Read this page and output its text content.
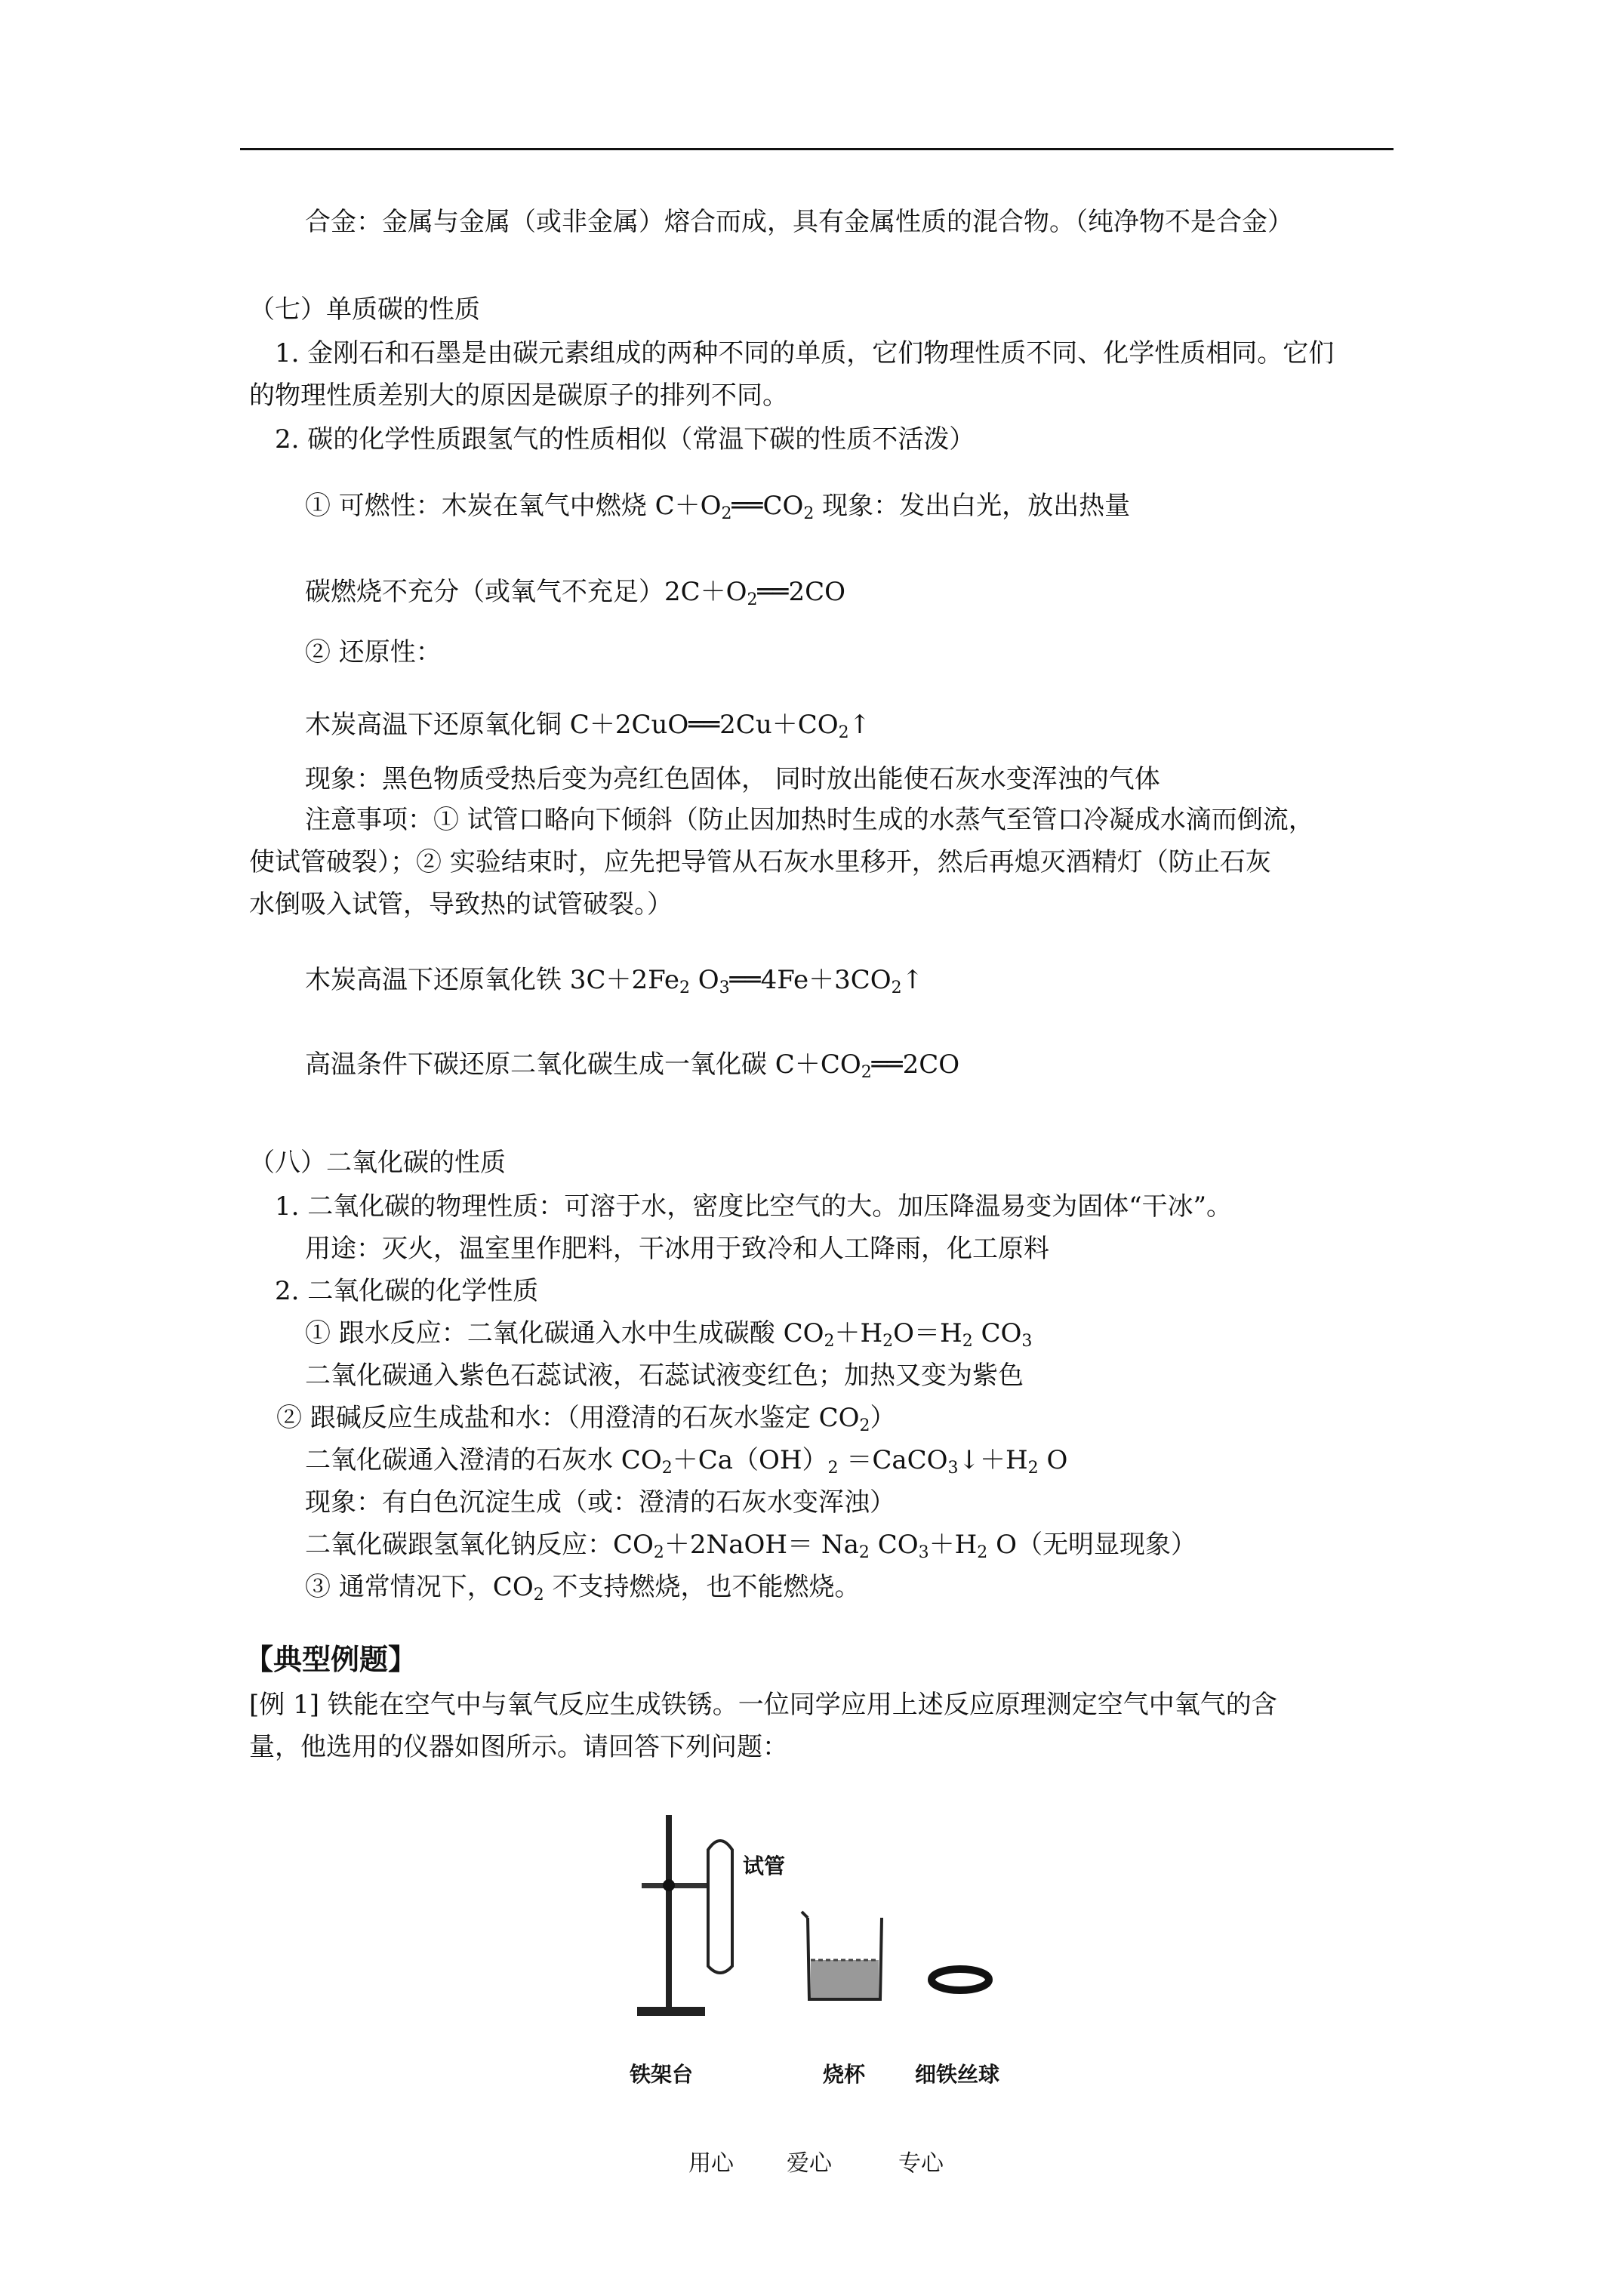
合金：金属与金属（或非金属）熔合而成，具有金属性质的混合物。（纯净物不是合金）
（七）单质碳的性质
1. 金刚石和石墨是由碳元素组成的两种不同的单质，它们物理性质不同、化学性质相同。它们
的物理性质差别大的原因是碳原子的排列不同。
2. 碳的化学性质跟氢气的性质相似（常温下碳的性质不活泼）
① 可燃性：木炭在氧气中燃烧 $C+O_2══CO_2$ 现象：发出白光，放出热量
碳燃烧不充分（或氧气不充足）$2C+O_2══2CO$
② 还原性：
木炭高温下还原氧化铜 $C+2CuO══2Cu+CO_2↑$
现象：黑色物质受热后变为亮红色固体， 同时放出能使石灰水变浑浊的气体
注意事项：① 试管口略向下倾斜（防止因加热时生成的水蒸气至管口冷凝成水滴而倒流，
使试管破裂）；② 实验结束时，应先把导管从石灰水里移开，然后再熄灭酒精灯（防止石灰
水倒吸入试管，导致热的试管破裂。）
木炭高温下还原氧化铁 $3C+2Fe_2$ $O_3══4Fe+3CO_2↑$
高温条件下碳还原二氧化碳生成一氧化碳 $C+CO_2══2CO$
（八）二氧化碳的性质
1. 二氧化碳的物理性质：可溶于水，密度比空气的大。加压降温易变为固体“干冰”。
用途：灭火，温室里作肥料，干冰用于致冷和人工降雨，化工原料
2. 二氧化碳的化学性质
① 跟水反应：二氧化碳通入水中生成碳酸 $CO_2+H_2O=H_2$ $CO_3$
二氧化碳通入紫色石蕊试液，石蕊试液变红色；加热又变为紫色
② 跟碱反应生成盐和水：（用澄清的石灰水鉴定 $CO_2$）
二氧化碳通入澄清的石灰水 $CO_2+Ca(OH)_2$ $=CaCO_3↓+H_2$ O
现象：有白色沉淀生成（或：澄清的石灰水变浑浊）
二氧化碳跟氢氧化钠反应：$CO_2+2NaOH= Na_2$ $CO_3+H_2$ O（无明显现象）
③ 通常情况下，$CO_2$ 不支持燃烧，也不能燃烧。
【典型例题】
[例 1] 铁能在空气中与氧气反应生成铁锈。一位同学应用上述反应原理测定空气中氧气的含
量，他选用的仪器如图所示。请回答下列问题：
试管
铁架台	烧杯 细铁丝球
用心 爱心	专心
